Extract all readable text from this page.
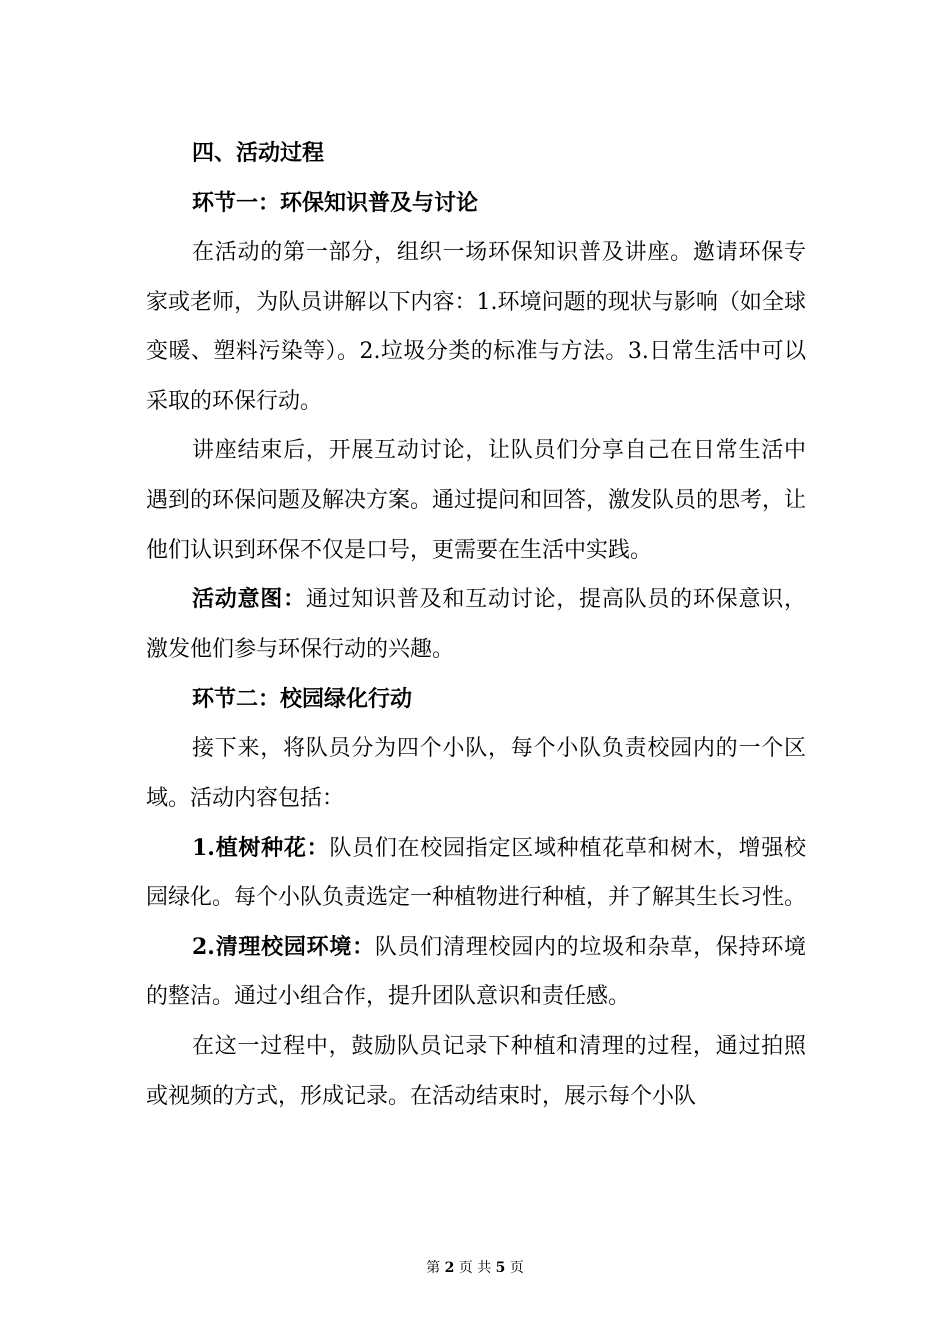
四、活动过程

环节一：环保知识普及与讨论

在活动的第一部分，组织一场环保知识普及讲座。邀请环保专家或老师，为队员讲解以下内容：1.环境问题的现状与影响（如全球变暖、塑料污染等）。2.垃圾分类的标准与方法。3.日常生活中可以采取的环保行动。

讲座结束后，开展互动讨论，让队员们分享自己在日常生活中遇到的环保问题及解决方案。通过提问和回答，激发队员的思考，让他们认识到环保不仅是口号，更需要在生活中实践。

活动意图：通过知识普及和互动讨论，提高队员的环保意识，激发他们参与环保行动的兴趣。

环节二：校园绿化行动

接下来，将队员分为四个小队，每个小队负责校园内的一个区域。活动内容包括：

1.植树种花：队员们在校园指定区域种植花草和树木，增强校园绿化。每个小队负责选定一种植物进行种植，并了解其生长习性。

2.清理校园环境：队员们清理校园内的垃圾和杂草，保持环境的整洁。通过小组合作，提升团队意识和责任感。

在这一过程中，鼓励队员记录下种植和清理的过程，通过拍照或视频的方式，形成记录。在活动结束时，展示每个小队

第 2 页 共 5 页
